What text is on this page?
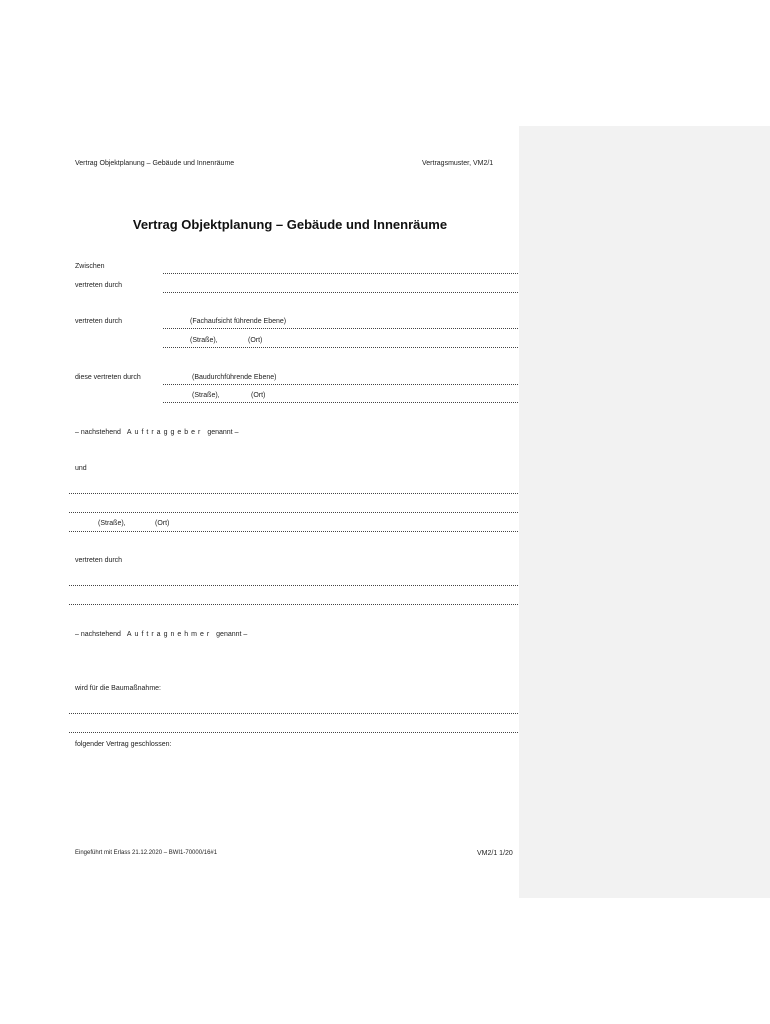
Vertrag Objektplanung – Gebäude und Innenräume	Vertragsmuster, VM2/1
Vertrag Objektplanung – Gebäude und Innenräume
Zwischen
vertreten durch
vertreten durch	(Fachaufsicht führende Ebene)
(Straße),	(Ort)
diese vertreten durch	(Baudurchführende Ebene)
(Straße),	(Ort)
– nachstehend Auftraggeber genannt –
und
(Straße),	(Ort)
vertreten durch
– nachstehend Auftragnehmer genannt –
wird für die Baumaßnahme:
folgender Vertrag geschlossen:
Eingeführt mit Erlass 21.12.2020 – BWI1-70000/16#1	VM2/1 1/20
